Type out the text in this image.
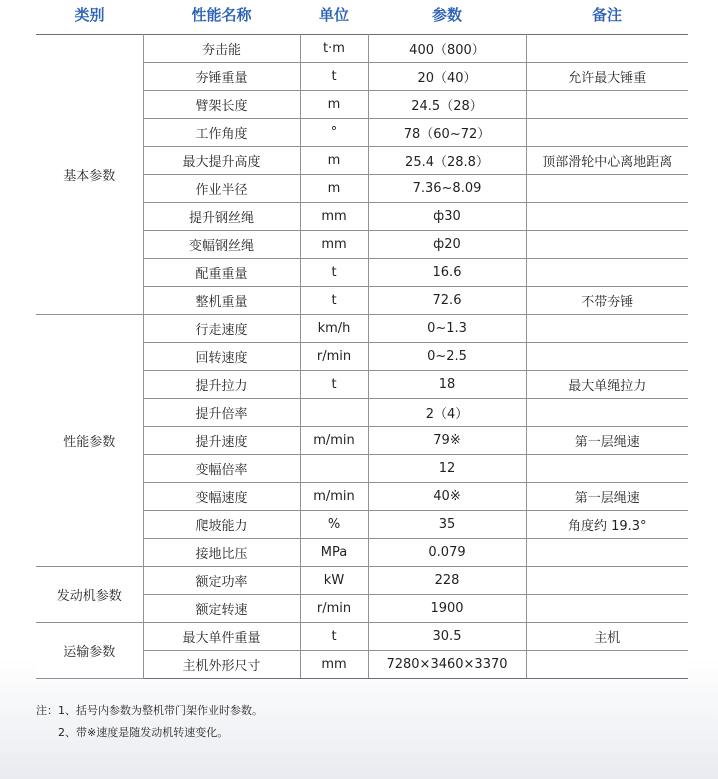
类别	性能名称	单位	参数	备注
基本参数	夯击能	t·m	400（800）	
	夯锤重量	t	20（40）	允许最大锤重
	臂架长度	m	24.5（28）	
	工作角度	°	78（60~72）	
	最大提升高度	m	25.4（28.8）	顶部滑轮中心离地距离
	作业半径	m	7.36~8.09	
	提升钢丝绳	mm	ф30	
	变幅钢丝绳	mm	ф20	
	配重重量	t	16.6	
	整机重量	t	72.6	不带夯锤
性能参数	行走速度	km/h	0~1.3	
	回转速度	r/min	0~2.5	
	提升拉力	t	18	最大单绳拉力
	提升倍率		2（4）	
	提升速度	m/min	79※	第一层绳速
	变幅倍率		12	
	变幅速度	m/min	40※	第一层绳速
	爬坡能力	%	35	角度约 19.3°
	接地比压	MPa	0.079	
发动机参数	额定功率	kW	228	
	额定转速	r/min	1900	
运输参数	最大单件重量	t	30.5	主机
	主机外形尺寸	mm	7280×3460×3370	
注：1、括号内参数为整机带门架作业时参数。
2、带※速度是随发动机转速变化。
